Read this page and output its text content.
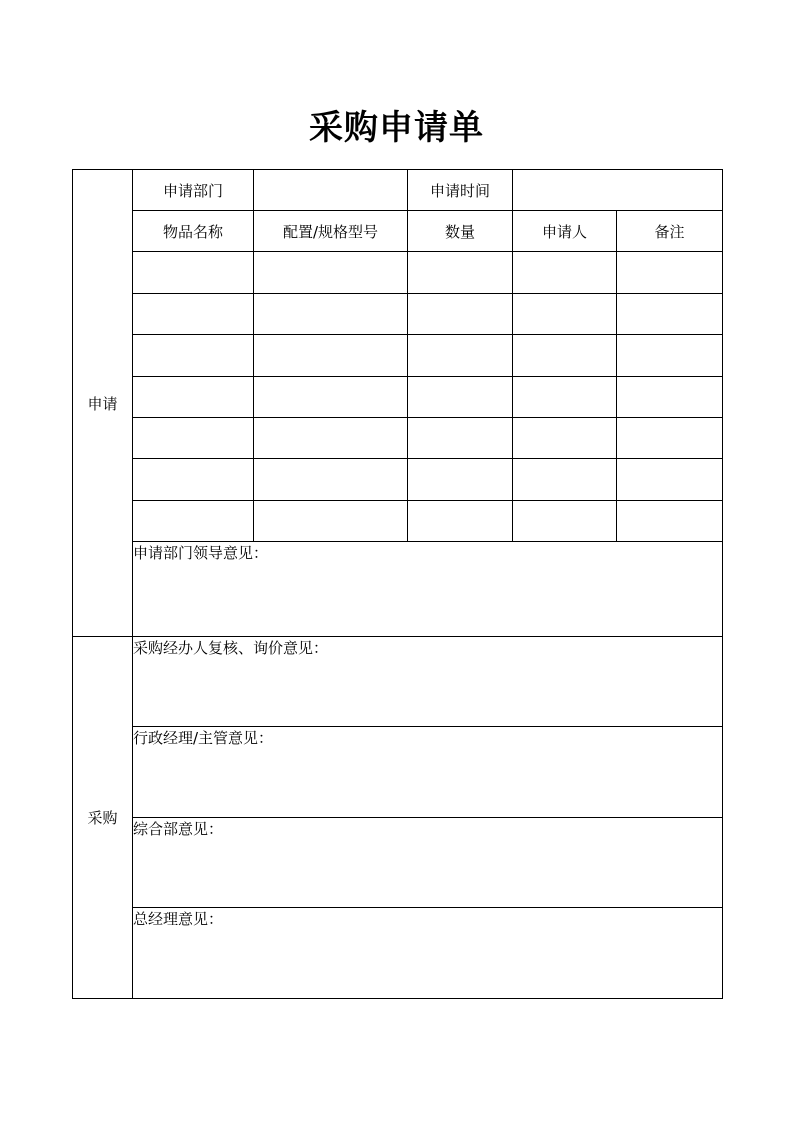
采购申请单
申请	申请部门		申请时间		
	物品名称	配置/规格型号	数量	申请人	备注

	申请部门领导意见：				
采购	采购经办人复核、询价意见：				
	行政经理/主管意见：				
	综合部意见：				
	总经理意见：				
